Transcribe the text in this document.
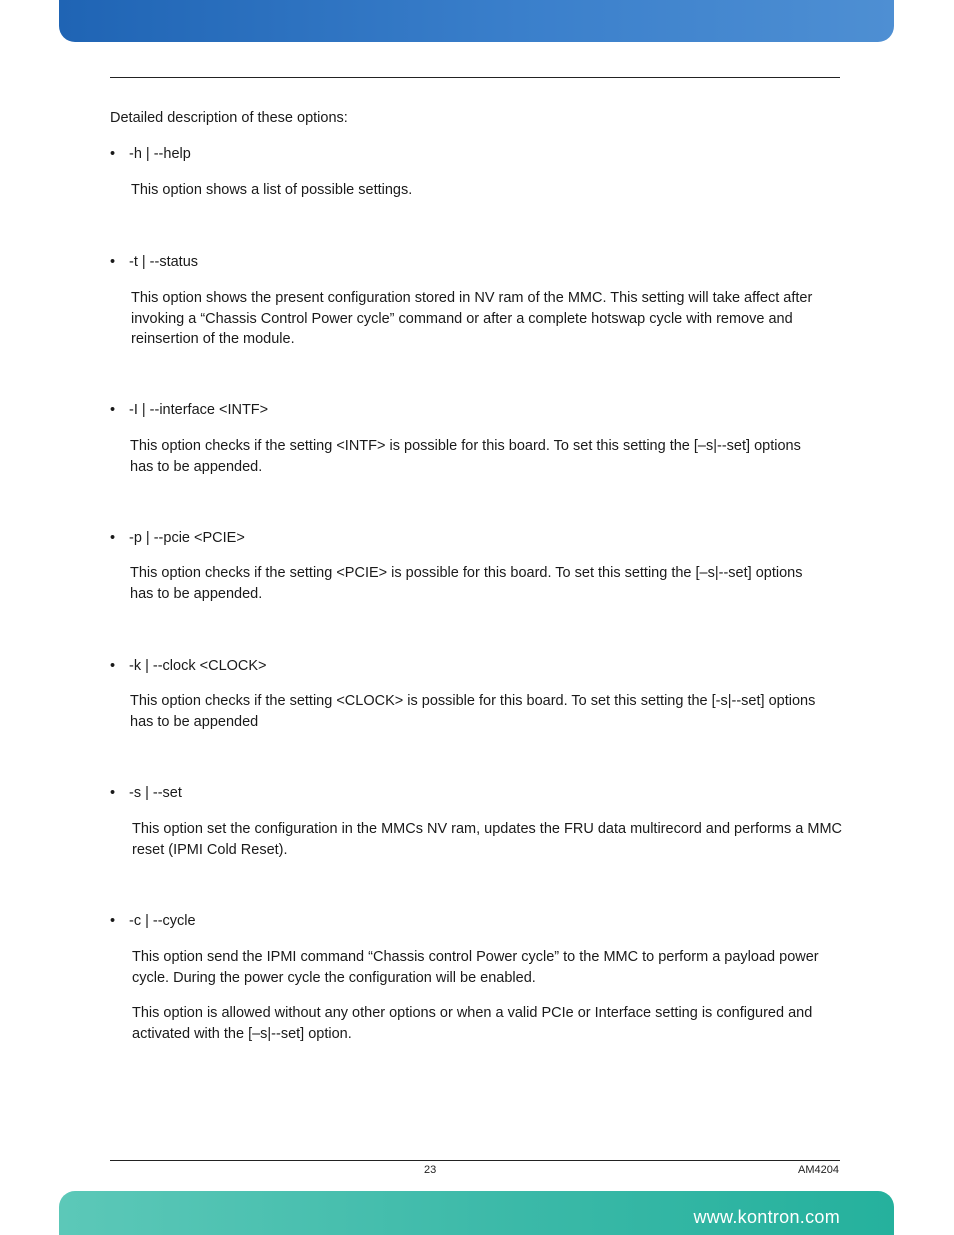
Detailed description of these options:
• -h | --help
This option shows a list of possible settings.
• -t | --status
This option shows the present configuration stored in NV ram of the MMC. This setting will take affect after invoking a “Chassis Control Power cycle” command or after a complete hotswap cycle with remove and reinsertion of the module.
• -I | --interface <INTF>
This option checks if the setting <INTF> is possible for this board. To set this setting the [–s|--set] options has to be appended.
• -p | --pcie <PCIE>
This option checks if the setting <PCIE> is possible for this board. To set this setting the [–s|--set] options has to be appended.
• -k | --clock <CLOCK>
This option checks if the setting <CLOCK> is possible for this board. To set this setting the [-s|--set] options has to be appended
• -s | --set
This option set the configuration in the MMCs NV ram, updates the FRU data multirecord and performs a MMC reset (IPMI Cold Reset).
• -c | --cycle
This option send the IPMI command “Chassis control Power cycle” to the MMC to perform a payload power cycle. During the power cycle the configuration will be enabled.
This option is allowed without any other options or when a valid PCIe or Interface setting is configured and activated with the [–s|--set] option.
23	AM4204
www.kontron.com
